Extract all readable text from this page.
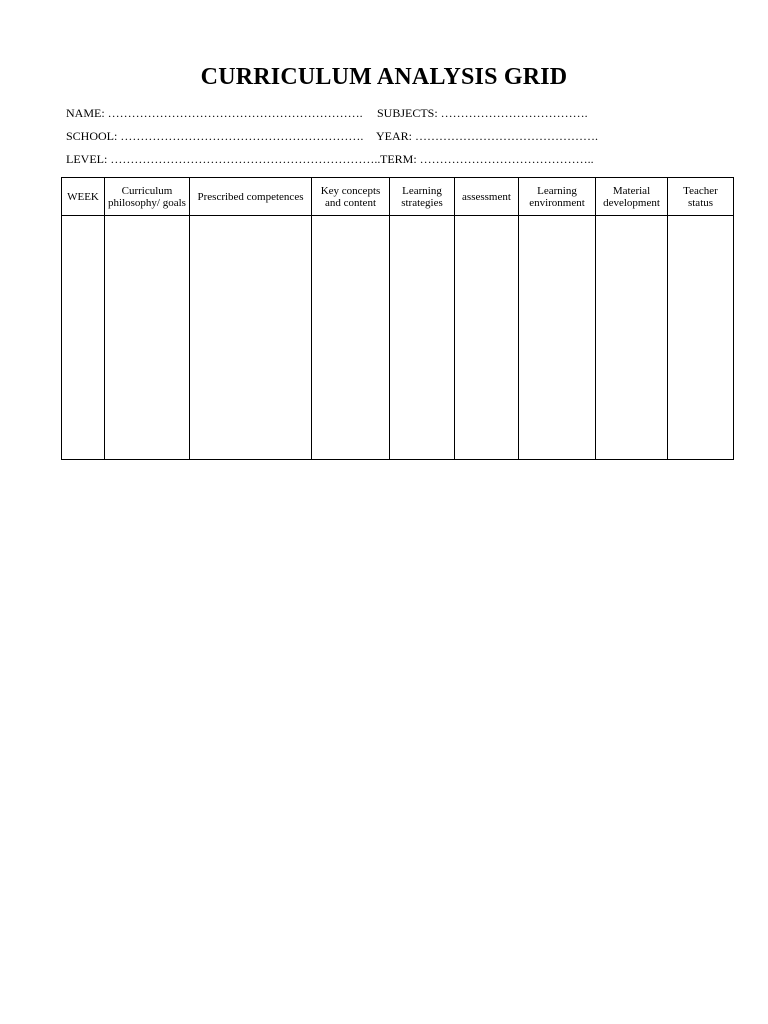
CURRICULUM ANALYSIS GRID
NAME: ………………………………………………………. SUBJECTS: ……………………………….
SCHOOL: ……………………………………………………. YEAR: ……………………………………….
LEVEL: ………………………………………………………….. TERM: ……………………………………..
WEEK	Curriculum philosophy/ goals	Prescribed competences	Key concepts and content	Learning strategies	assessment	Learning environment	Material development	Teacher status
